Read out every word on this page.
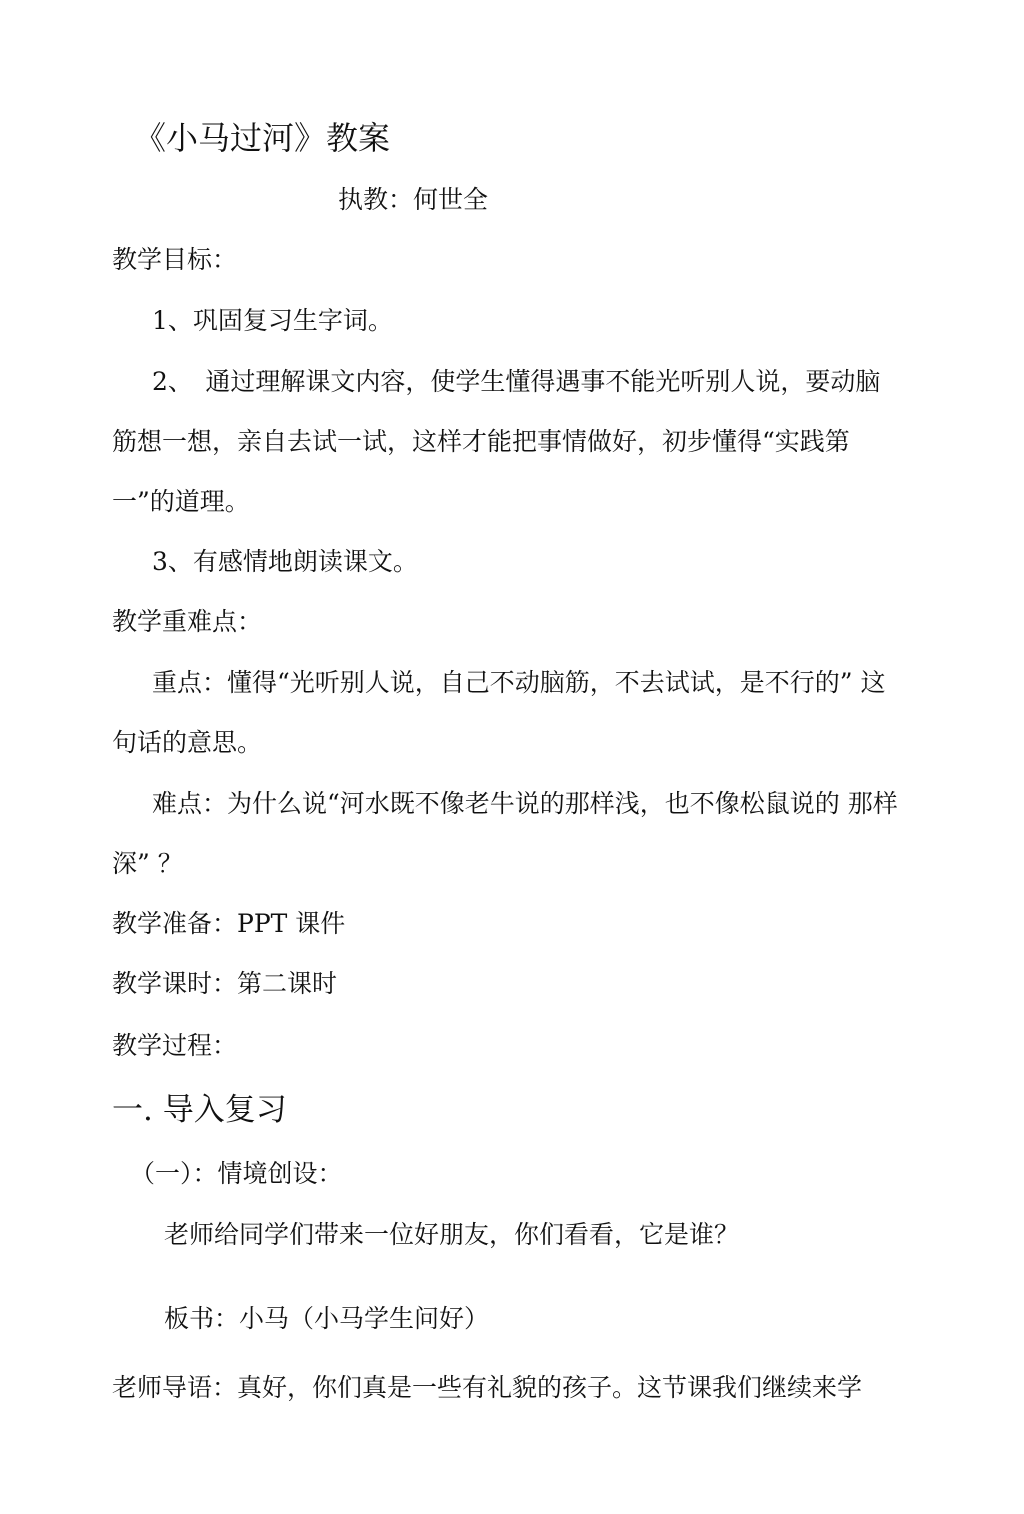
《小马过河》教案
执教：何世全
教学目标：
1、巩固复习生字词。
2、　通过理解课文内容，使学生懂得遇事不能光听别人说，要动脑
筋想一想，亲自去试一试，这样才能把事情做好，初步懂得“实践第
一”的道理。
3、有感情地朗读课文。
教学重难点：
重点：懂得“光听别人说，自己不动脑筋，不去试试，是不行的” 这
句话的意思。
难点：为什么说“河水既不像老牛说的那样浅，也不像松鼠说的 那样
深” ？
教学准备：PPT 课件
教学课时：第二课时
教学过程：
一. 导入复习
（一）：情境创设：
老师给同学们带来一位好朋友，你们看看，它是谁？
板书：小马（小马学生问好）
老师导语：真好，你们真是一些有礼貌的孩子。这节课我们继续来学
